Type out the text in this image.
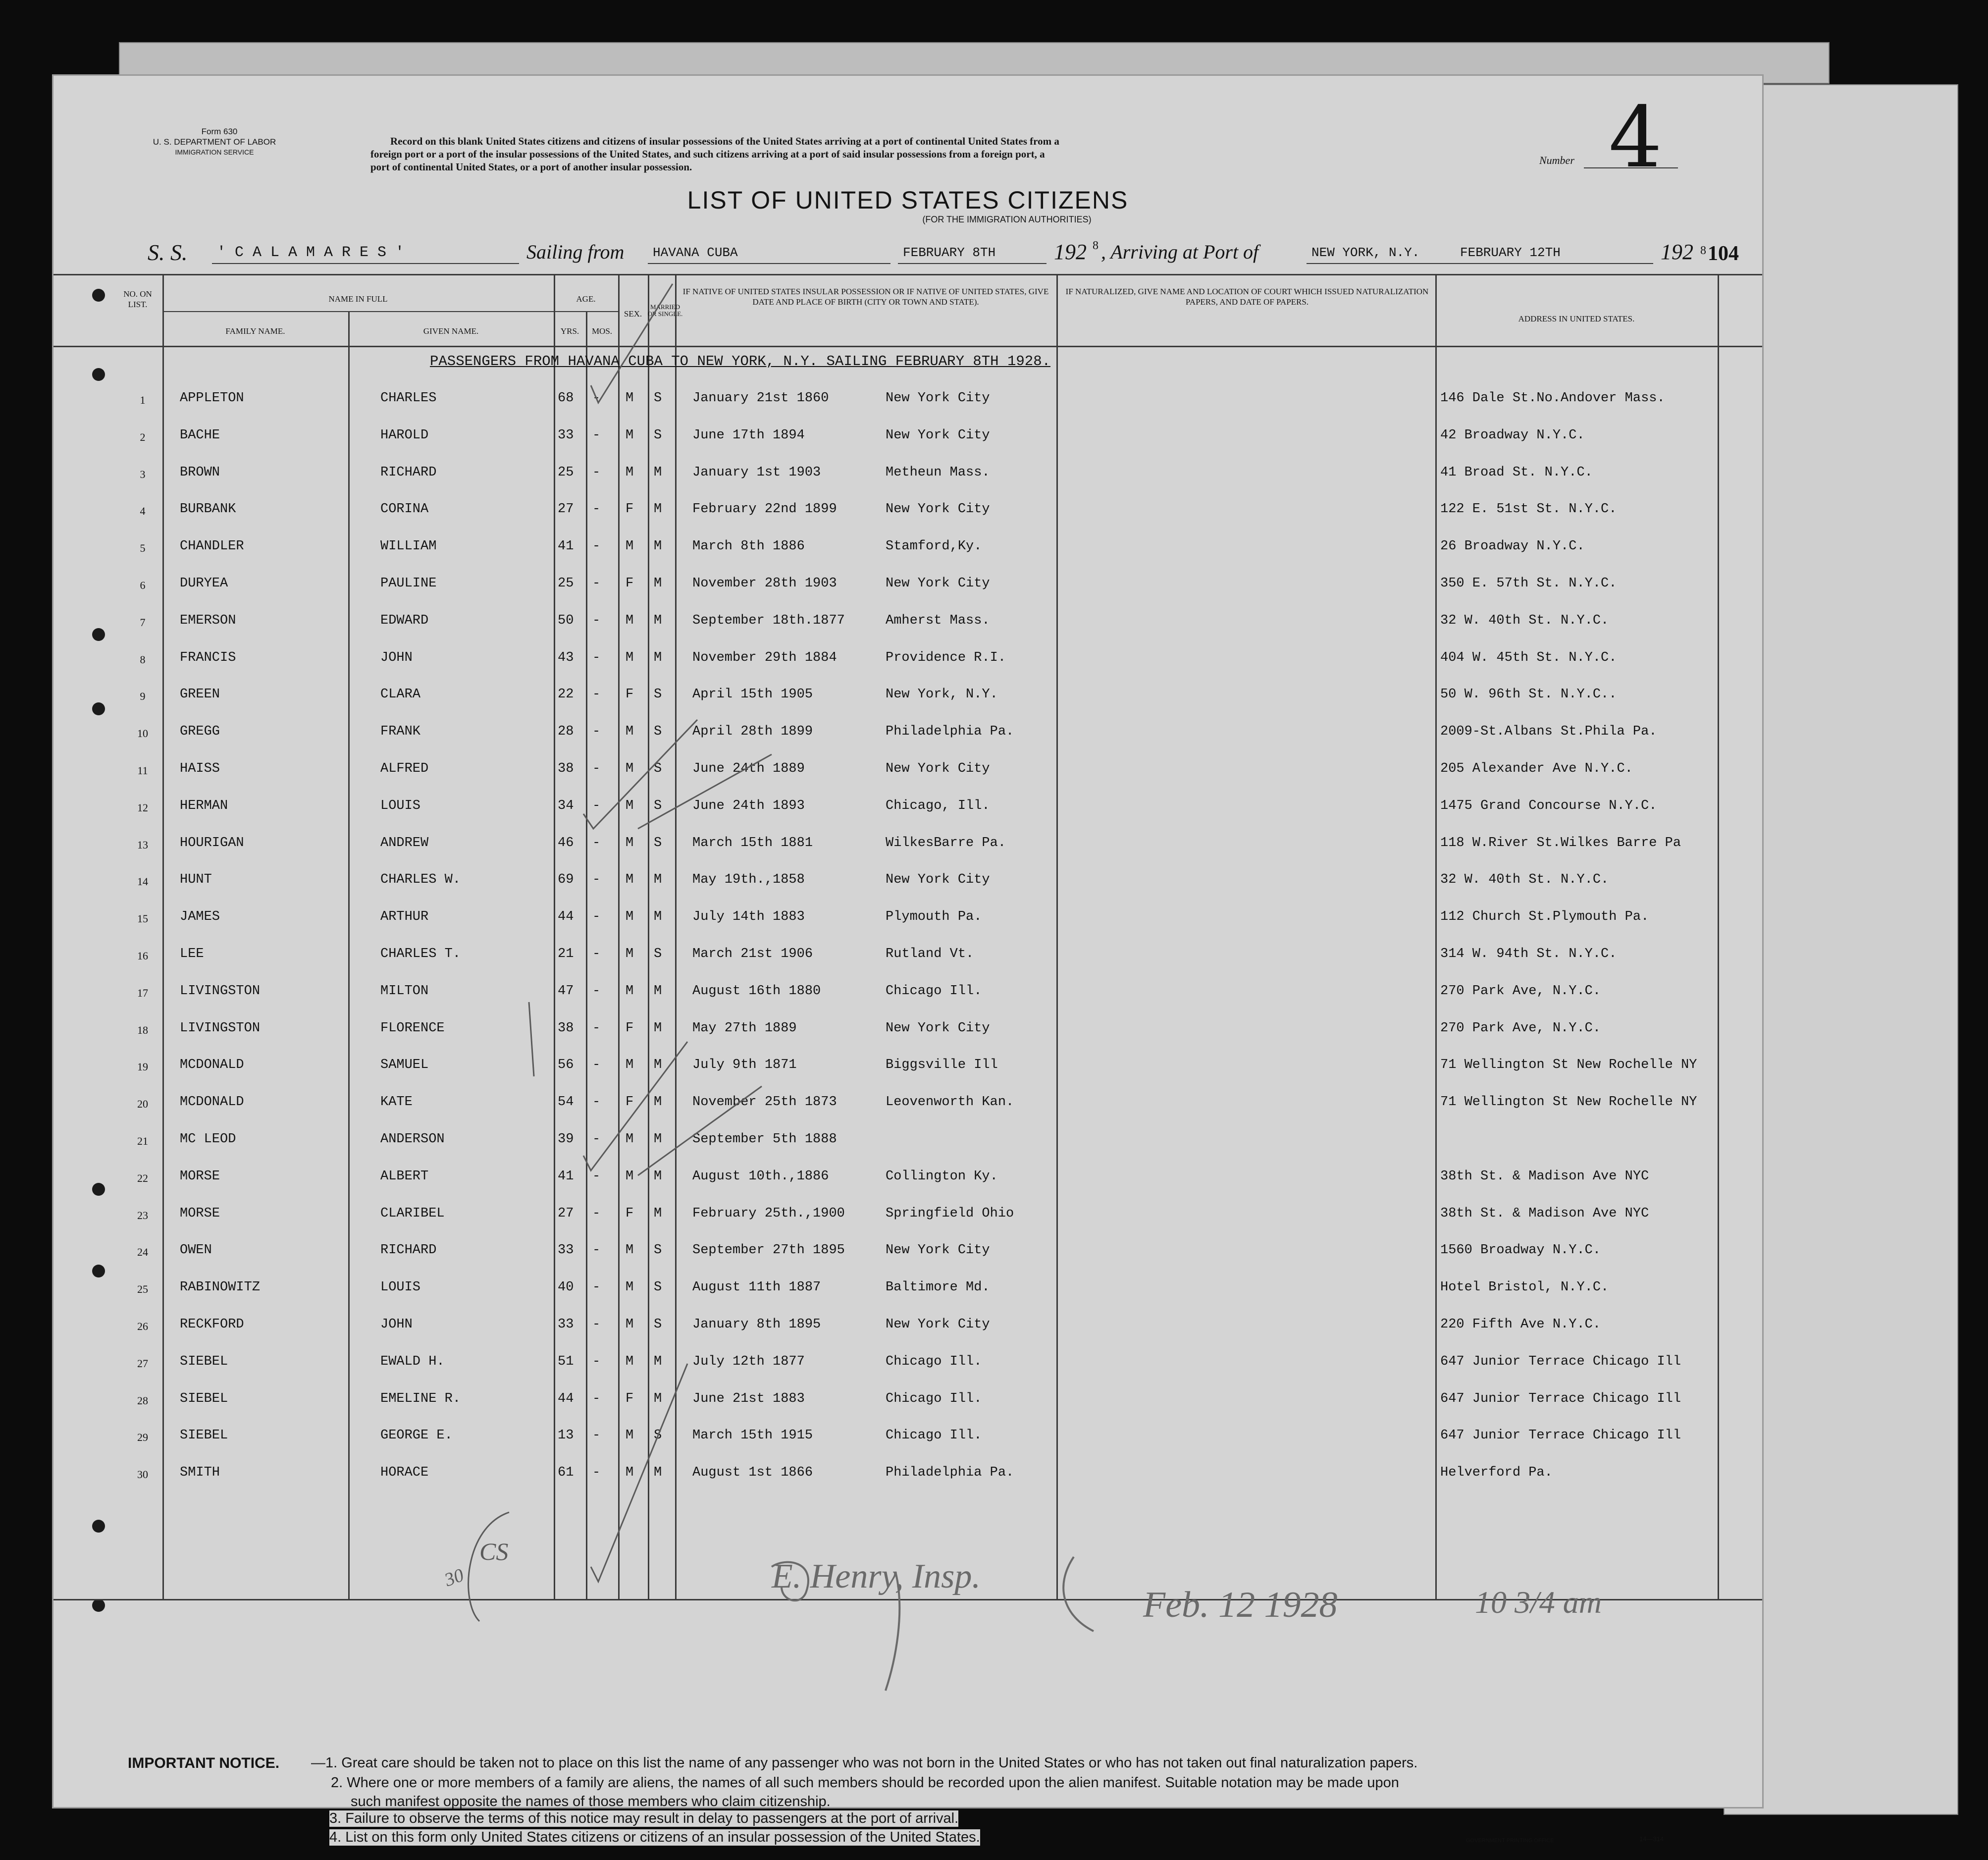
Form 630
U. S. DEPARTMENT OF LABOR
IMMIGRATION SERVICE
Record on this blank United States citizens and citizens of insular possessions of the United States arriving at a port of continental United States from a
foreign port or a port of the insular possessions of the United States, and such citizens arriving at a port of said insular possessions from a foreign port, a
port of continental United States, or a port of another insular possession.
Number 4
LIST OF UNITED STATES CITIZENS
(FOR THE IMMIGRATION AUTHORITIES)
S. S. ' C A L A M A R E S '	Sailing from HAVANA CUBA	FEBRUARY 8TH	192 8 , Arriving at Port of	NEW YORK, N.Y.	FEBRUARY 12TH	192 8 104
NO. ON LIST.
NAME IN FULL
FAMILY NAME.	GIVEN NAME.
AGE.
YRS.	MOS.
SEX.
MARRIED OR SINGLE.
IF NATIVE OF UNITED STATES INSULAR POSSESSION OR IF NATIVE OF UNITED STATES, GIVE DATE AND PLACE OF BIRTH (CITY OR TOWN AND STATE).
IF NATURALIZED, GIVE NAME AND LOCATION OF COURT WHICH ISSUED NATURALIZATION PAPERS, AND DATE OF PAPERS.
ADDRESS IN UNITED STATES.
PASSENGERS FROM HAVANA CUBA TO NEW YORK, N.Y. SAILING FEBRUARY 8TH 1928.
1	APPLETON	CHARLES	68 - M S January 21st 1860	New York City	146 Dale St.No.Andover Mass.
2	BACHE	HAROLD	33 - M S June 17th 1894	New York City	42 Broadway N.Y.C.
3	BROWN	RICHARD	25 - M M January 1st 1903	Metheun Mass.	41 Broad St. N.Y.C.
4	BURBANK	CORINA	27 - F M February 22nd 1899	New York City	122 E. 51st St. N.Y.C.
5	CHANDLER	WILLIAM	41 - M M March 8th 1886	Stamford,Ky.	26 Broadway N.Y.C.
6	DURYEA	PAULINE	25 - F M November 28th 1903	New York City	350 E. 57th St. N.Y.C.
7	EMERSON	EDWARD	50 - M M September 18th.1877	Amherst Mass.	32 W. 40th St. N.Y.C.
8	FRANCIS	JOHN	43 - M M November 29th 1884	Providence R.I.	404 W. 45th St. N.Y.C.
9	GREEN	CLARA	22 - F S April 15th 1905	New York, N.Y.	50 W. 96th St. N.Y.C..
10	GREGG	FRANK	28 - M S April 28th 1899	Philadelphia Pa.	2009-St.Albans St.Phila Pa.
11	HAISS	ALFRED	38 - M S June 24th 1889	New York City	205 Alexander Ave N.Y.C.
12	HERMAN	LOUIS	34 - M S June 24th 1893	Chicago, Ill.	1475 Grand Concourse N.Y.C.
13	HOURIGAN	ANDREW	46 - M S March 15th 1881	WilkesBarre Pa.	118 W.River St.Wilkes Barre Pa
14	HUNT	CHARLES W.	69 - M M May 19th.,1858	New York City	32 W. 40th St. N.Y.C.
15	JAMES	ARTHUR	44 - M M July 14th 1883	Plymouth Pa.	112 Church St.Plymouth Pa.
16	LEE	CHARLES T.	21 - M S March 21st 1906	Rutland Vt.	314 W. 94th St. N.Y.C.
17	LIVINGSTON	MILTON	47 - M M August 16th 1880	Chicago Ill.	270 Park Ave, N.Y.C.
18	LIVINGSTON	FLORENCE	38 - F M May 27th 1889	New York City	270 Park Ave, N.Y.C.
19	MCDONALD	SAMUEL	56 - M M July 9th 1871	Biggsville Ill	71 Wellington St New Rochelle NY
20	MCDONALD	KATE	54 - F M November 25th 1873	Leovenworth Kan.	71 Wellington St New Rochelle NY
21	MC LEOD	ANDERSON	39 - M M September 5th 1888
22	MORSE	ALBERT	41 - M M August 10th.,1886	Collington Ky.	38th St. & Madison Ave NYC
23	MORSE	CLARIBEL	27 - F M February 25th.,1900	Springfield Ohio	38th St. & Madison Ave NYC
24	OWEN	RICHARD	33 - M S September 27th 1895	New York City	1560 Broadway N.Y.C.
25	RABINOWITZ	LOUIS	40 - M S August 11th 1887	Baltimore Md.	Hotel Bristol, N.Y.C.
26	RECKFORD	JOHN	33 - M S January 8th 1895	New York City	220 Fifth Ave N.Y.C.
27	SIEBEL	EWALD H.	51 - M M July 12th 1877	Chicago Ill.	647 Junior Terrace Chicago Ill
28	SIEBEL	EMELINE R.	44 - F M June 21st 1883	Chicago Ill.	647 Junior Terrace Chicago Ill
29	SIEBEL	GEORGE E.	13 - M S March 15th 1915	Chicago Ill.	647 Junior Terrace Chicago Ill
30	SMITH	HORACE	61 - M M August 1st 1866	Philadelphia Pa.	Helverford Pa.
E. Henry, Insp.
Feb. 12 1928	10 3/4 am
30
CS
IMPORTANT NOTICE. —1. Great care should be taken not to place on this list the name of any passenger who was not born in the United States or who has not taken out final naturalization papers.
2. Where one or more members of a family are aliens, the names of all such members should be recorded upon the alien manifest. Suitable notation may be made upon
such manifest opposite the names of those members who claim citizenship.
3. Failure to observe the terms of this notice may result in delay to passengers at the port of arrival.
4. List on this form only United States citizens or citizens of an insular possession of the United States.	GOVERNMENT PRINTING OFFICE	14—314
